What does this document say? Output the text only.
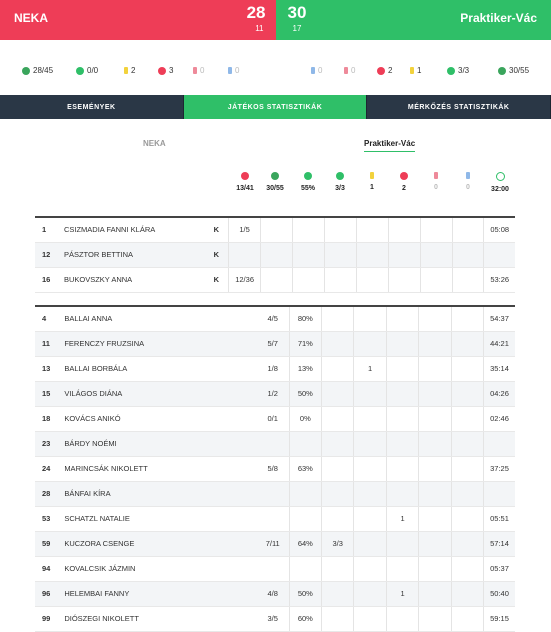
NEKA	28
11
30
17
Praktiker-Vác
28/45	0/0	2	3	0	0	0	0	2	1	3/3	30/55
ESEMÉNYEK	JÁTÉKOS STATISZTIKÁK	MÉRKŐZÉS STATISZTIKÁK
NEKA	Praktiker-Vác
13/41	30/55	55%	3/3	1	2	0	0	32:00
1	CSIZMADIA FANNI KLÁRA	K	1/5								05:08
12	PÁSZTOR BETTINA	K									
16	BUKOVSZKY ANNA	K	12/36								53:26
4	BALLAI ANNA	4/5	80%						54:37
11	FERENCZY FRUZSINA	5/7	71%						44:21
13	BALLAI BORBÁLA	1/8	13%		1				35:14
15	VILÁGOS DIÁNA	1/2	50%						04:26
18	KOVÁCS ANIKÓ	0/1	0%						02:46
23	BÁRDY NOÉMI								
24	MARINCSÁK NIKOLETT	5/8	63%						37:25
28	BÁNFAI KÍRA								
53	SCHATZL NATALIE					1			05:51
59	KUCZORA CSENGE	7/11	64%	3/3					57:14
94	KOVALCSIK JÁZMIN								05:37
96	HELEMBAI FANNY	4/8	50%			1			50:40
99	DIÓSZEGI NIKOLETT	3/5	60%						59:15
